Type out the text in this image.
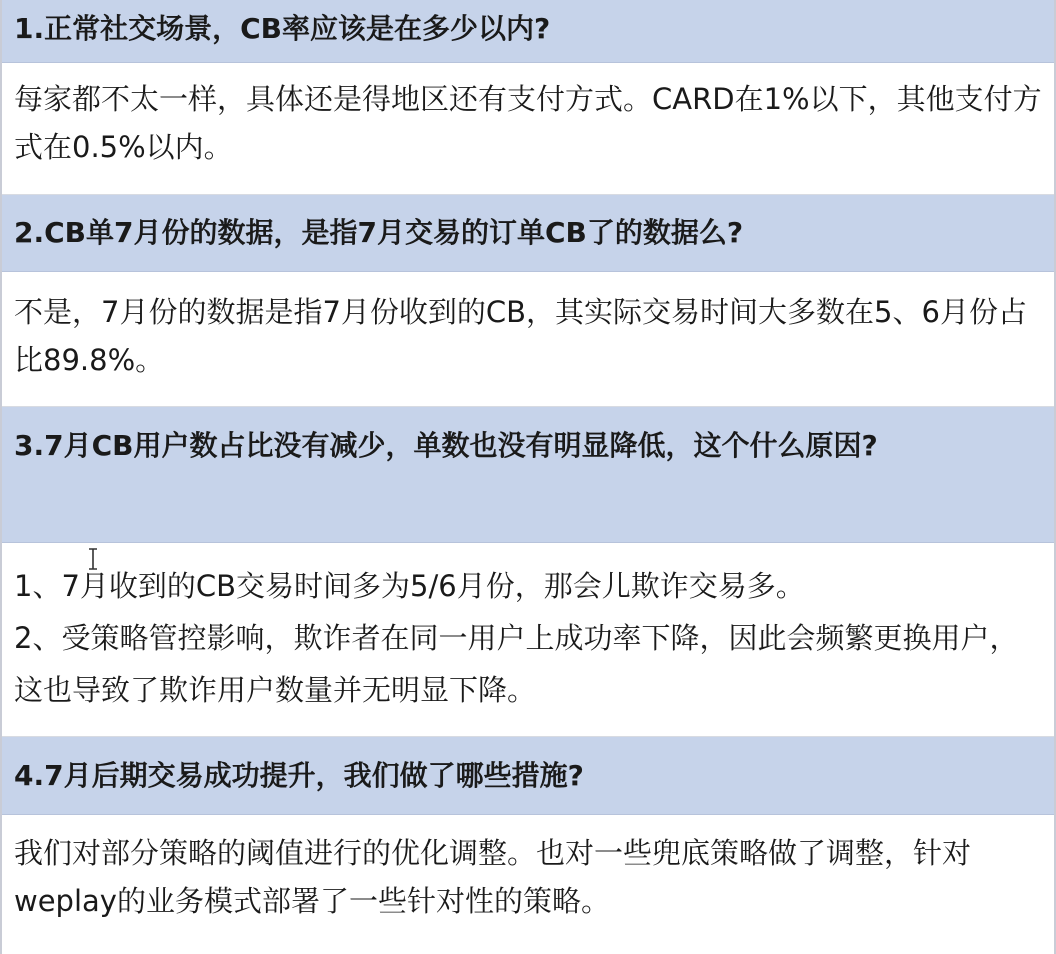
1.正常社交场景，CB率应该是在多少以内?

每家都不太一样，具体还是得地区还有支付方式。CARD在1%以下，其他支付方式在0.5%以内。

2.CB单7月份的数据，是指7月交易的订单CB了的数据么?

不是，7月份的数据是指7月份收到的CB，其实际交易时间大多数在5、6月份占比89.8%。

3.7月CB用户数占比没有减少，单数也没有明显降低，这个什么原因?

1、7月收到的CB交易时间多为5/6月份，那会儿欺诈交易多。

2、受策略管控影响，欺诈者在同一用户上成功率下降，因此会频繁更换用户，这也导致了欺诈用户数量并无明显下降。

4.7月后期交易成功提升，我们做了哪些措施?

我们对部分策略的阈值进行的优化调整。也对一些兜底策略做了调整，针对weplay的业务模式部署了一些针对性的策略。
